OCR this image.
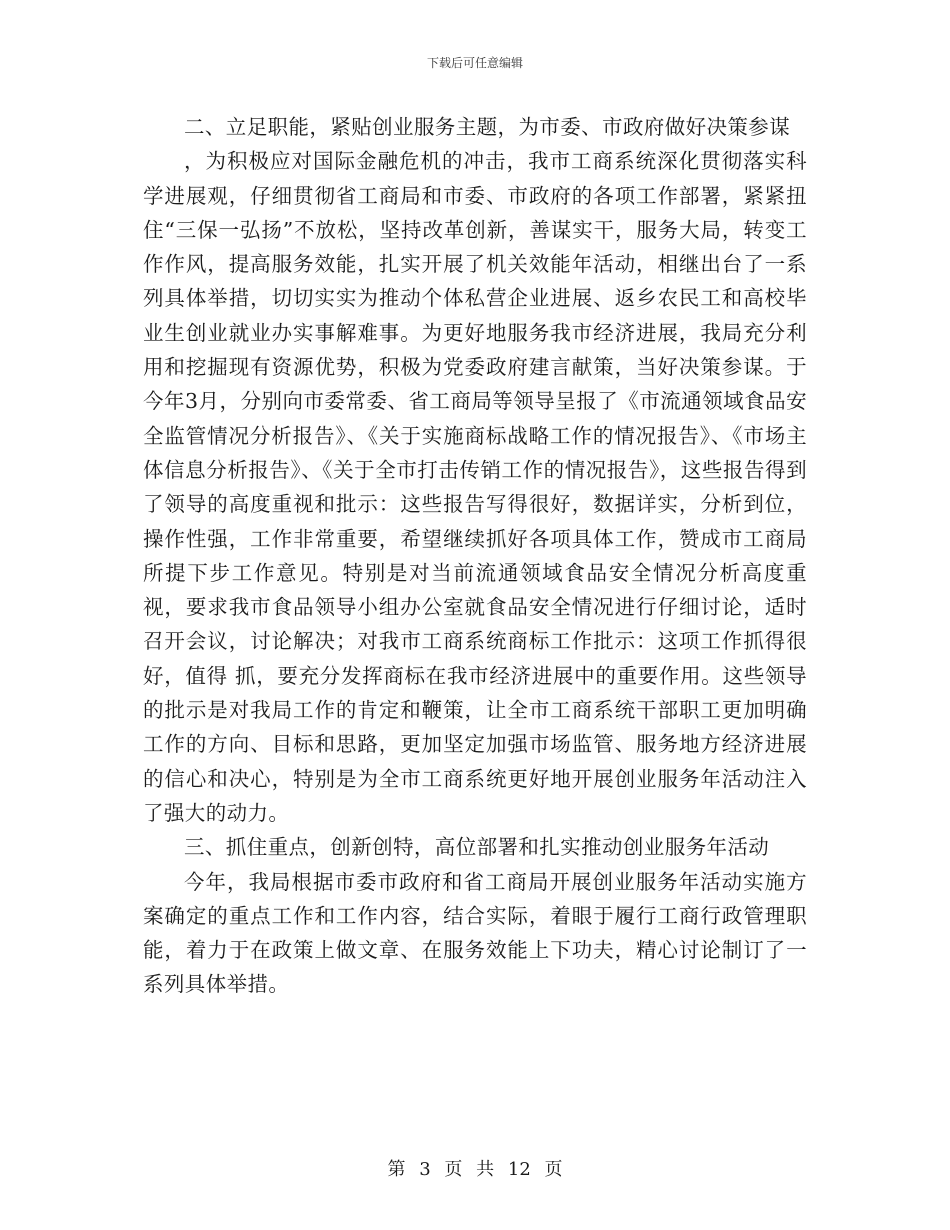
下载后可任意编辑

二、立足职能，紧贴创业服务主题，为市委、市政府做好决策参谋

，为积极应对国际金融危机的冲击，我市工商系统深化贯彻落实科学进展观，仔细贯彻省工商局和市委、市政府的各项工作部署，紧紧扭住“三保一弘扬”不放松，坚持改革创新，善谋实干，服务大局，转变工作作风，提高服务效能，扎实开展了机关效能年活动，相继出台了一系列具体举措，切切实实为推动个体私营企业进展、返乡农民工和高校毕业生创业就业办实事解难事。为更好地服务我市经济进展，我局充分利用和挖掘现有资源优势，积极为党委政府建言献策，当好决策参谋。于今年3月，分别向市委常委、省工商局等领导呈报了《市流通领域食品安全监管情况分析报告》、《关于实施商标战略工作的情况报告》、《市场主体信息分析报告》、《关于全市打击传销工作的情况报告》，这些报告得到了领导的高度重视和批示：这些报告写得很好，数据详实，分析到位，操作性强，工作非常重要，希望继续抓好各项具体工作，赞成市工商局所提下步工作意见。特别是对当前流通领域食品安全情况分析高度重视，要求我市食品领导小组办公室就食品安全情况进行仔细讨论，适时召开会议，讨论解决；对我市工商系统商标工作批示：这项工作抓得很好，值得 抓，要充分发挥商标在我市经济进展中的重要作用。这些领导的批示是对我局工作的肯定和鞭策，让全市工商系统干部职工更加明确工作的方向、目标和思路，更加坚定加强市场监管、服务地方经济进展的信心和决心，特别是为全市工商系统更好地开展创业服务年活动注入了强大的动力。

三、抓住重点，创新创特，高位部署和扎实推动创业服务年活动

今年，我局根据市委市政府和省工商局开展创业服务年活动实施方案确定的重点工作和工作内容，结合实际，着眼于履行工商行政管理职能，着力于在政策上做文章、在服务效能上下功夫，精心讨论制订了一系列具体举措。

第 3 页 共 12 页
